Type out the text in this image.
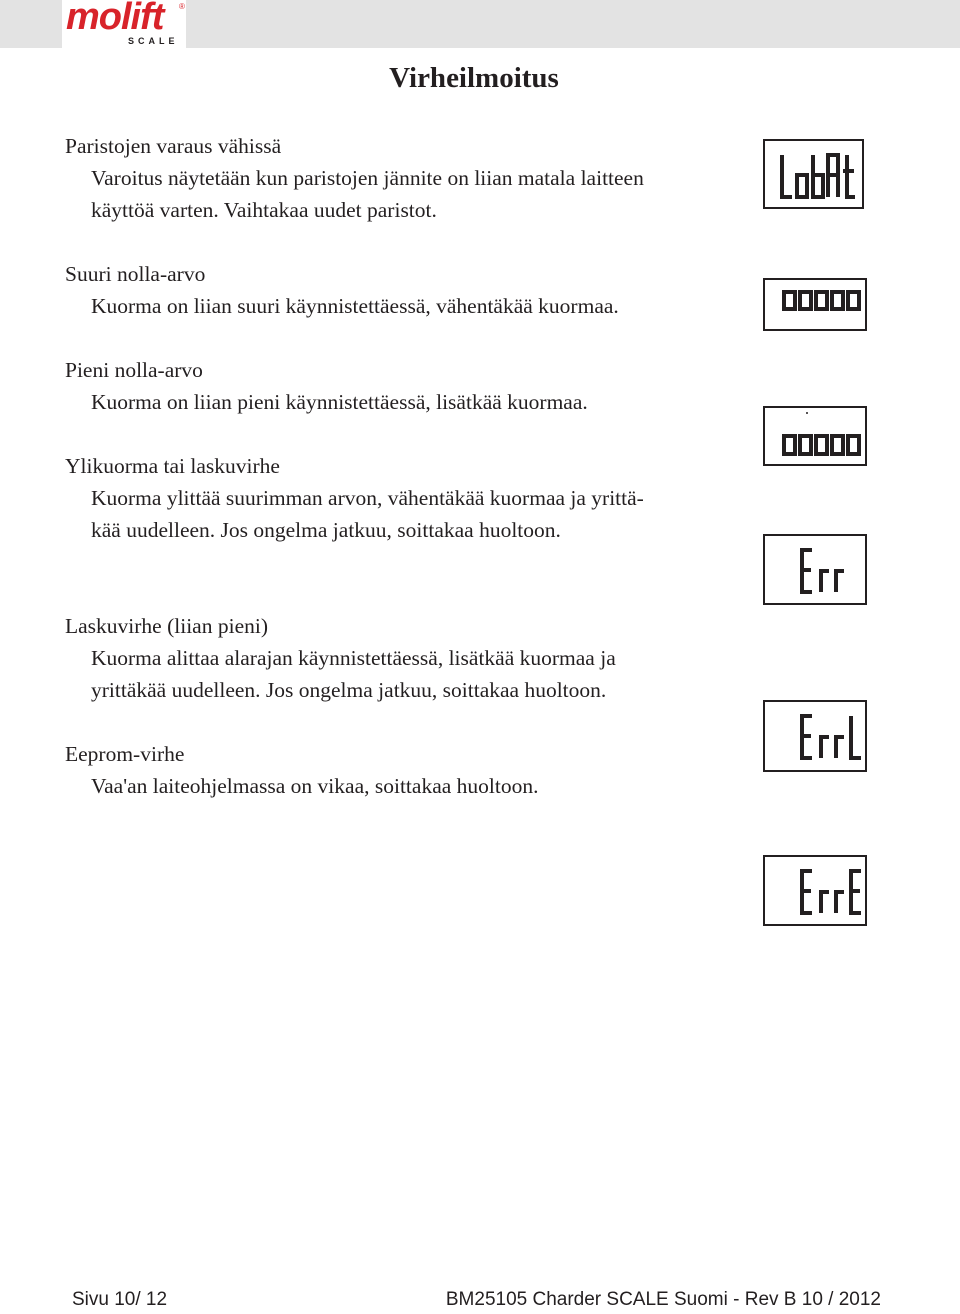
molift ®
SCALE
Virheilmoitus
Paristojen varaus vähissä
Varoitus näytetään kun paristojen jännite on liian matala laitteen
käyttöä varten. Vaihtakaa uudet paristot.
Suuri nolla-arvo
Kuorma on liian suuri käynnistettäessä, vähentäkää kuormaa.
Pieni nolla-arvo
Kuorma on liian pieni käynnistettäessä, lisätkää kuormaa.
Ylikuorma tai laskuvirhe
Kuorma ylittää suurimman arvon, vähentäkää kuormaa ja yrittä-
kää uudelleen. Jos ongelma jatkuu, soittakaa huoltoon.
Laskuvirhe (liian pieni)
Kuorma alittaa alarajan käynnistettäessä, lisätkää kuormaa ja
yrittäkää uudelleen. Jos ongelma jatkuu, soittakaa huoltoon.
Eeprom-virhe
Vaa'an laiteohjelmassa on vikaa, soittakaa huoltoon.
Sivu 10/ 12	BM25105 Charder SCALE Suomi - Rev B 10 / 2012
